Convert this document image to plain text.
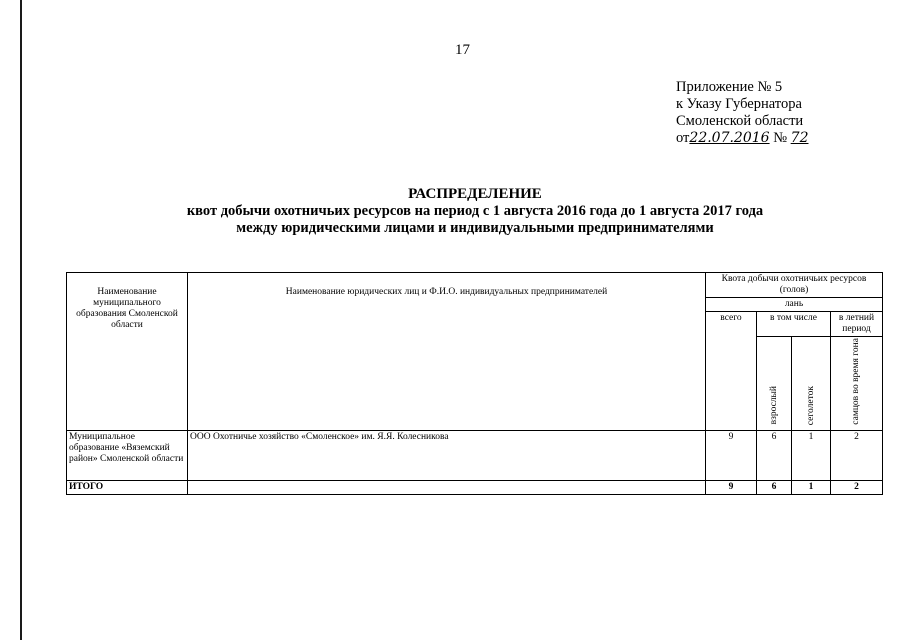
17
Приложение № 5
к Указу Губернатора
Смоленской области
от22.07.2016 № 72
РАСПРЕДЕЛЕНИЕ
квот добычи охотничьих ресурсов на период с 1 августа 2016 года до 1 августа 2017 года
между юридическими лицами и индивидуальными предпринимателями
Наименование муниципального образования Смоленской области	Наименование юридических лиц и Ф.И.О. индивидуальных предпринимателей	Квота добычи охотничьих ресурсов (голов)			
		лань			
		всего	в том числе		в летний период
			взрослый	сеголеток	самцов во время гона
Муниципальное образование «Вяземский район» Смоленской области	ООО Охотничье хозяйство «Смоленское» им. Я.Я. Колесникова	9	6	1	2
ИТОГО		9	6	1	2
